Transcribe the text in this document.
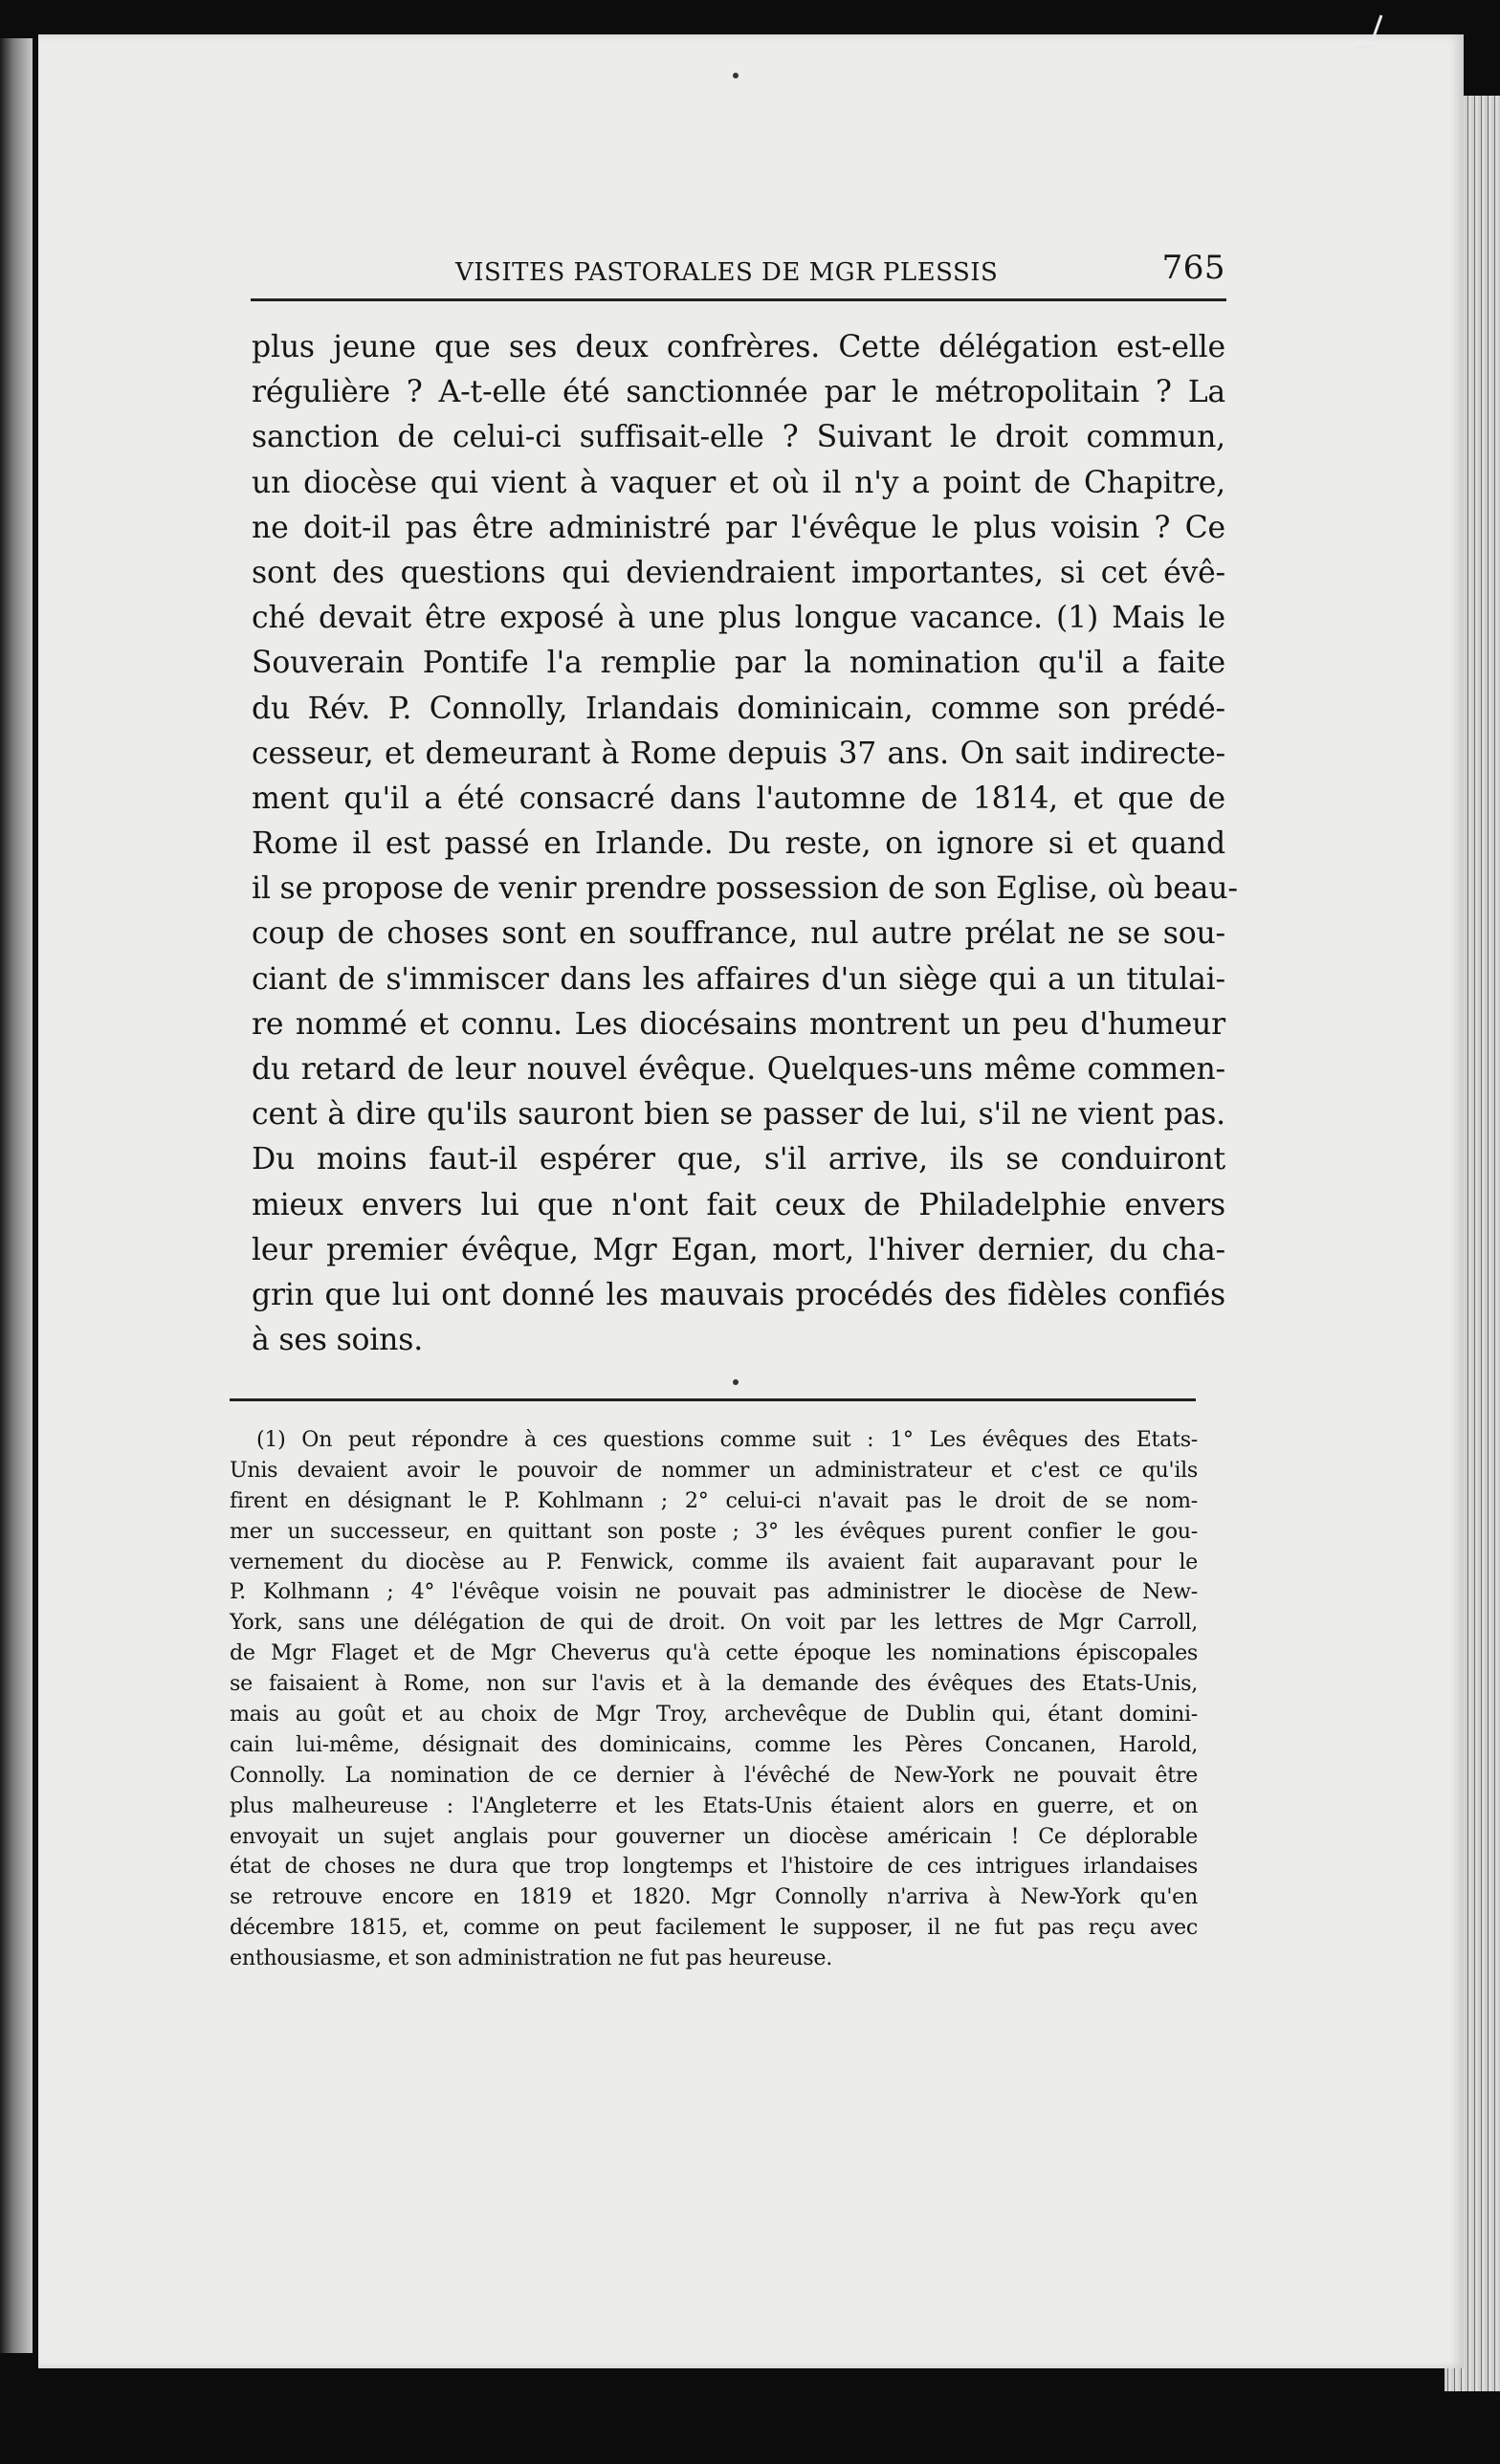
VISITES PASTORALES DE MGR PLESSIS	765
plus jeune que ses deux confrères. Cette délégation est-elle
régulière ? A-t-elle été sanctionnée par le métropolitain ? La
sanction de celui-ci suffisait-elle ? Suivant le droit commun,
un diocèse qui vient à vaquer et où il n'y a point de Chapitre,
ne doit-il pas être administré par l'évêque le plus voisin ? Ce
sont des questions qui deviendraient importantes, si cet évê-
ché devait être exposé à une plus longue vacance. (1) Mais le
Souverain Pontife l'a remplie par la nomination qu'il a faite
du Rév. P. Connolly, Irlandais dominicain, comme son prédé-
cesseur, et demeurant à Rome depuis 37 ans. On sait indirecte-
ment qu'il a été consacré dans l'automne de 1814, et que de
Rome il est passé en Irlande. Du reste, on ignore si et quand
il se propose de venir prendre possession de son Eglise, où beau-
coup de choses sont en souffrance, nul autre prélat ne se sou-
ciant de s'immiscer dans les affaires d'un siège qui a un titulai-
re nommé et connu. Les diocésains montrent un peu d'humeur
du retard de leur nouvel évêque. Quelques-uns même commen-
cent à dire qu'ils sauront bien se passer de lui, s'il ne vient pas.
Du moins faut-il espérer que, s'il arrive, ils se conduiront
mieux envers lui que n'ont fait ceux de Philadelphie envers
leur premier évêque, Mgr Egan, mort, l'hiver dernier, du cha-
grin que lui ont donné les mauvais procédés des fidèles confiés
à ses soins.
(1) On peut répondre à ces questions comme suit : 1° Les évêques des Etats-
Unis devaient avoir le pouvoir de nommer un administrateur et c'est ce qu'ils
firent en désignant le P. Kohlmann ; 2° celui-ci n'avait pas le droit de se nom-
mer un successeur, en quittant son poste ; 3° les évêques purent confier le gou-
vernement du diocèse au P. Fenwick, comme ils avaient fait auparavant pour le
P. Kolhmann ; 4° l'évêque voisin ne pouvait pas administrer le diocèse de New-
York, sans une délégation de qui de droit. On voit par les lettres de Mgr Carroll,
de Mgr Flaget et de Mgr Cheverus qu'à cette époque les nominations épiscopales
se faisaient à Rome, non sur l'avis et à la demande des évêques des Etats-Unis,
mais au goût et au choix de Mgr Troy, archevêque de Dublin qui, étant domini-
cain lui-même, désignait des dominicains, comme les Pères Concanen, Harold,
Connolly. La nomination de ce dernier à l'évêché de New-York ne pouvait être
plus malheureuse : l'Angleterre et les Etats-Unis étaient alors en guerre, et on
envoyait un sujet anglais pour gouverner un diocèse américain ! Ce déplorable
état de choses ne dura que trop longtemps et l'histoire de ces intrigues irlandaises
se retrouve encore en 1819 et 1820. Mgr Connolly n'arriva à New-York qu'en
décembre 1815, et, comme on peut facilement le supposer, il ne fut pas reçu avec
enthousiasme, et son administration ne fut pas heureuse.
